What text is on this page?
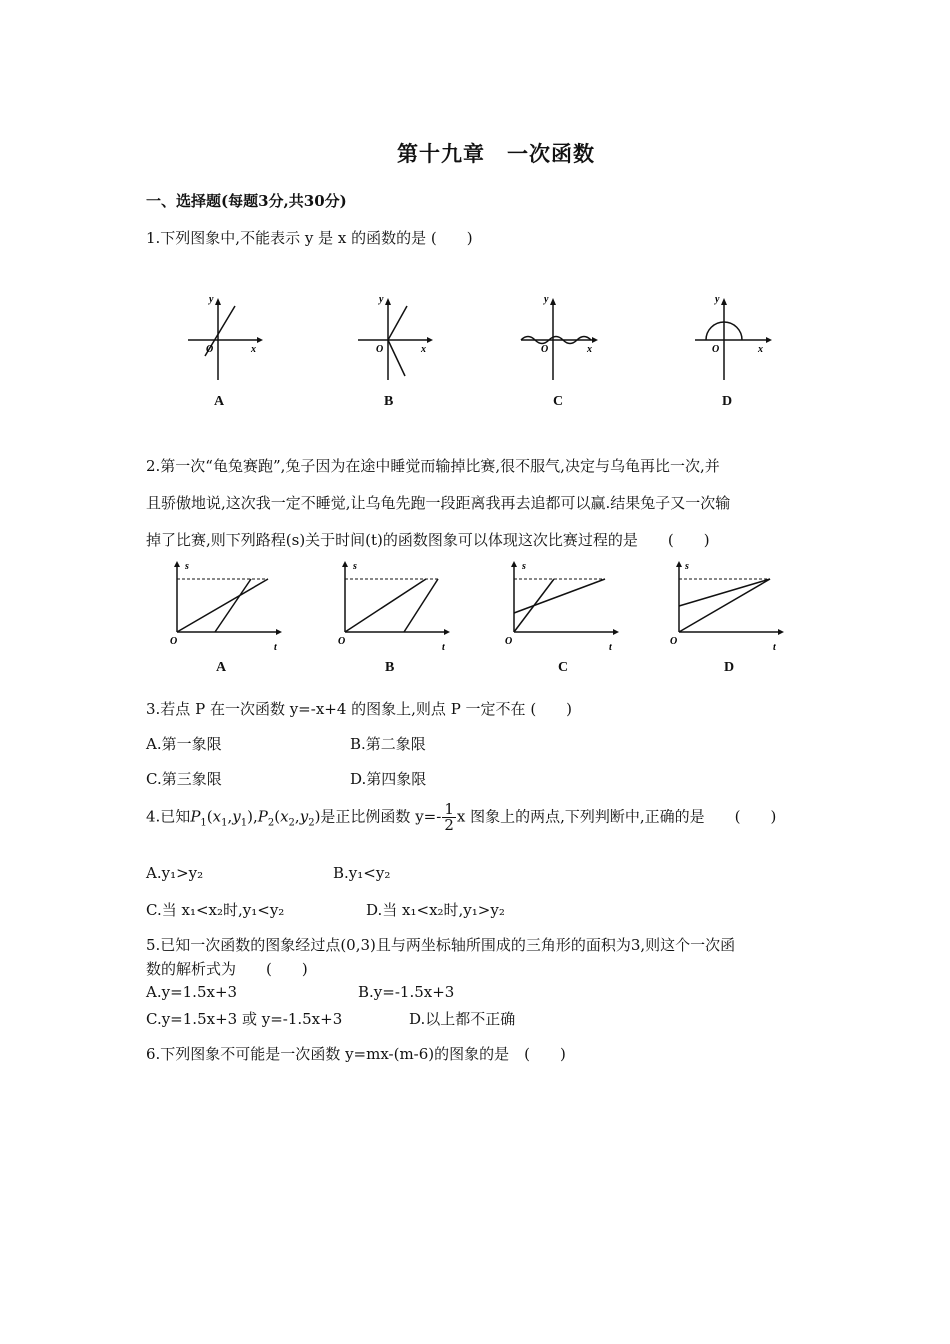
第十九章　一次函数
一、选择题(每题3分,共30分)
1.下列图象中,不能表示 y 是 x 的函数的是 (　　)
y
O	x
A
y
O	x
B
y
O	x
C
y
O	x
D
2.第一次“龟兔赛跑”,兔子因为在途中睡觉而输掉比赛,很不服气,决定与乌龟再比一次,并
且骄傲地说,这次我一定不睡觉,让乌龟先跑一段距离我再去追都可以赢.结果兔子又一次输
掉了比赛,则下列路程(s)关于时间(t)的函数图象可以体现这次比赛过程的是　　(　　)
O
s
t
A
O
s
t
B
O
s
t
C
O
s
t
D
3.若点 P 在一次函数 y=-x+4 的图象上,则点 P 一定不在 (　　)
A.第一象限	B.第二象限
C.第三象限	D.第四象限
4.已知$P_1(x_1,y_1),P_2(x_2,y_2)$是正比例函数 $y=- \frac{1}{2}$ x 图象上的两点,下列判断中,正确的是　　(　　)
A.y₁>y₂	B.y₁<y₂
C.当 x₁<x₂时,y₁<y₂	D.当 x₁<x₂时,y₁>y₂
5.已知一次函数的图象经过点(0,3)且与两坐标轴所围成的三角形的面积为3,则这个一次函
数的解析式为　　(　　)
A.y=1.5x+3	B.y=-1.5x+3
C.y=1.5x+3 或 y=-1.5x+3	D.以上都不正确
6.下列图象不可能是一次函数 y=mx-(m-6)的图象的是　(　　)
